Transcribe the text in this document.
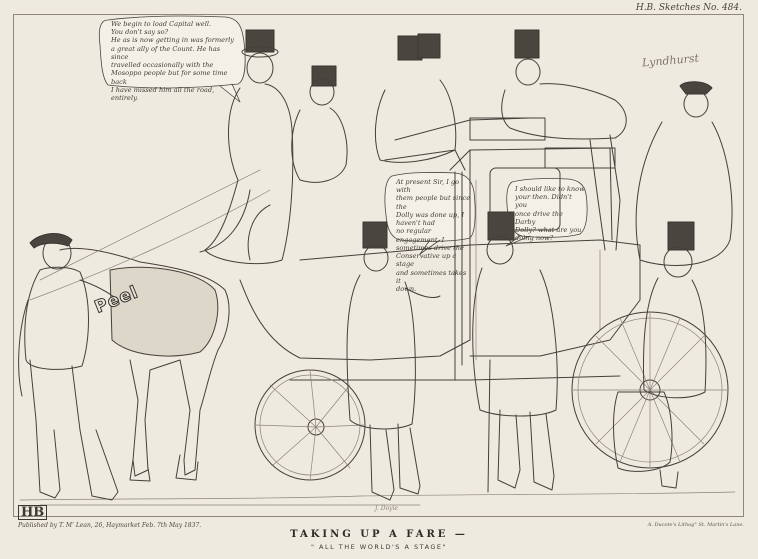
H.B. Sketches No. 484.
Lyndhurst
We begin to load Capital well.
You don't say so?
He as is now getting in was formerly
a great ally of the Count. He has since
travelled occasionally with the
Mosoppo people but for some time back
I have missed him all the road, entirely.
At present Sir, I go with
them people but since the
Dolly was done up, I haven't had
no regular engagement. I
sometimes drive the
Conservative up a stage
and sometimes takes it
down.
I should like to know
your then. Didn't you
once drive the Darby
Dolly? what are you
doing now?
Peel
HB	J. Doyle
Published by T. M’ Lean, 26, Haymarket Feb. 7th May 1837.	A. Ducote's Lithog° St. Martin's Lane.
TAKING UP A FARE —
" ALL THE WORLD'S A STAGE"
